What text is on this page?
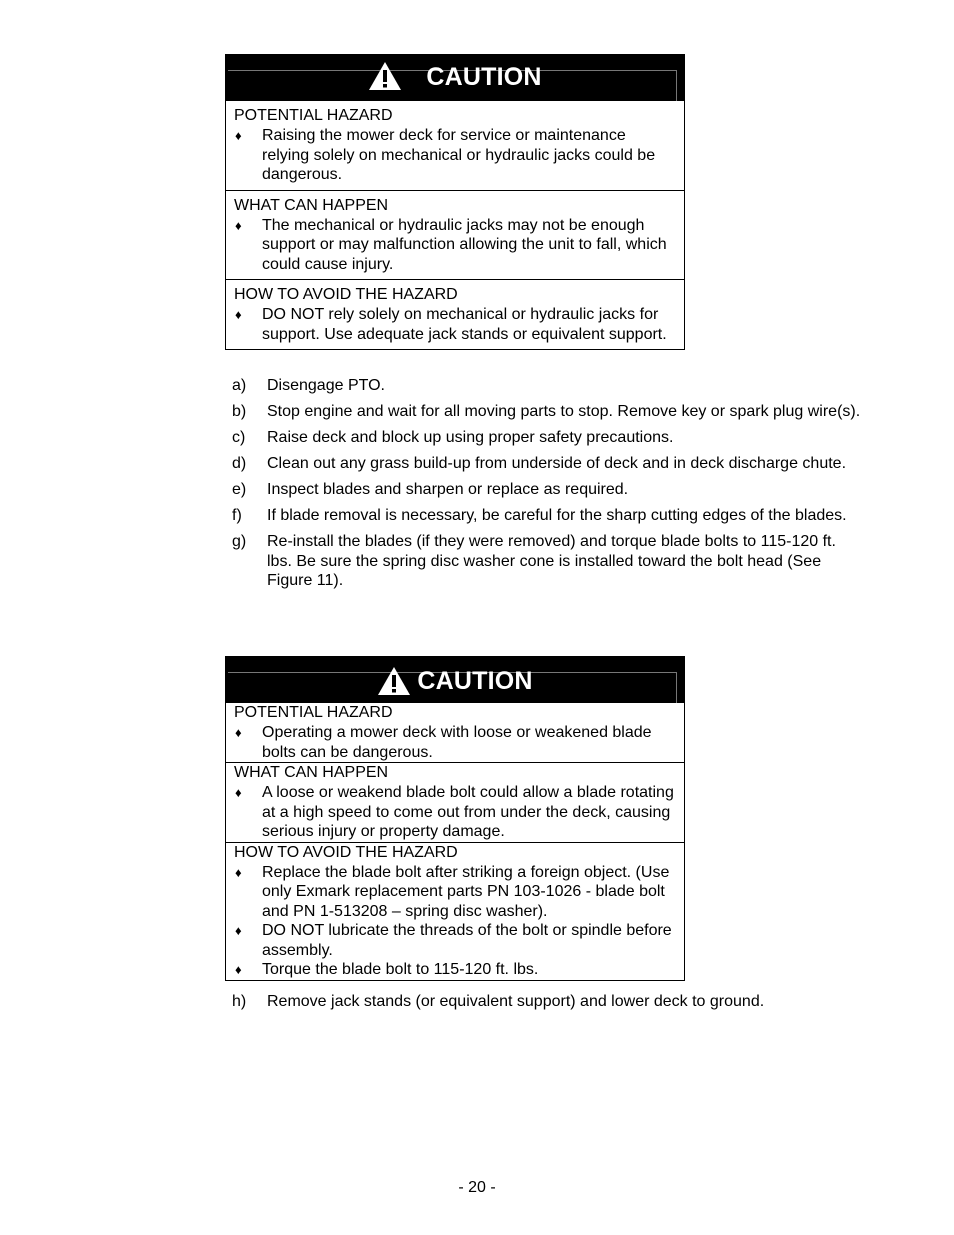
CAUTION
POTENTIAL HAZARD
♦	Raising the mower deck for service or maintenance relying solely on mechanical or hydraulic jacks could be dangerous.
WHAT CAN HAPPEN
♦	The mechanical or hydraulic jacks may not be enough support or may malfunction allowing the unit to fall, which could cause injury.
HOW TO AVOID THE HAZARD
♦	DO NOT rely solely on mechanical or hydraulic jacks for support. Use adequate jack stands or equivalent support.
a)	Disengage PTO.
b)	Stop engine and wait for all moving parts to stop. Remove key or spark plug wire(s).
c)	Raise deck and block up using proper safety precautions.
d)	Clean out any grass build-up from underside of deck and in deck discharge chute.
e)	Inspect blades and sharpen or replace as required.
f)	If blade removal is necessary, be careful for the sharp cutting edges of the blades.
g)	Re-install the blades (if they were removed) and torque blade bolts to 115-120 ft. lbs. Be sure the spring disc washer cone is installed toward the bolt head (See Figure 11).
CAUTION
POTENTIAL HAZARD
♦	Operating a mower deck with loose or weakened blade bolts can be dangerous.
WHAT CAN HAPPEN
♦	A loose or weakend blade bolt could allow a blade rotating at a high speed to come out from under the deck, causing serious injury or property damage.
HOW TO AVOID THE HAZARD
♦	Replace the blade bolt after striking a foreign object. (Use only Exmark replacement parts PN 103-1026 - blade bolt and PN 1-513208 – spring disc washer).
♦	DO NOT lubricate the threads of the bolt or spindle before assembly.
♦	Torque the blade bolt to 115-120 ft. lbs.
h)	Remove jack stands (or equivalent support) and lower deck to ground.
- 20 -
